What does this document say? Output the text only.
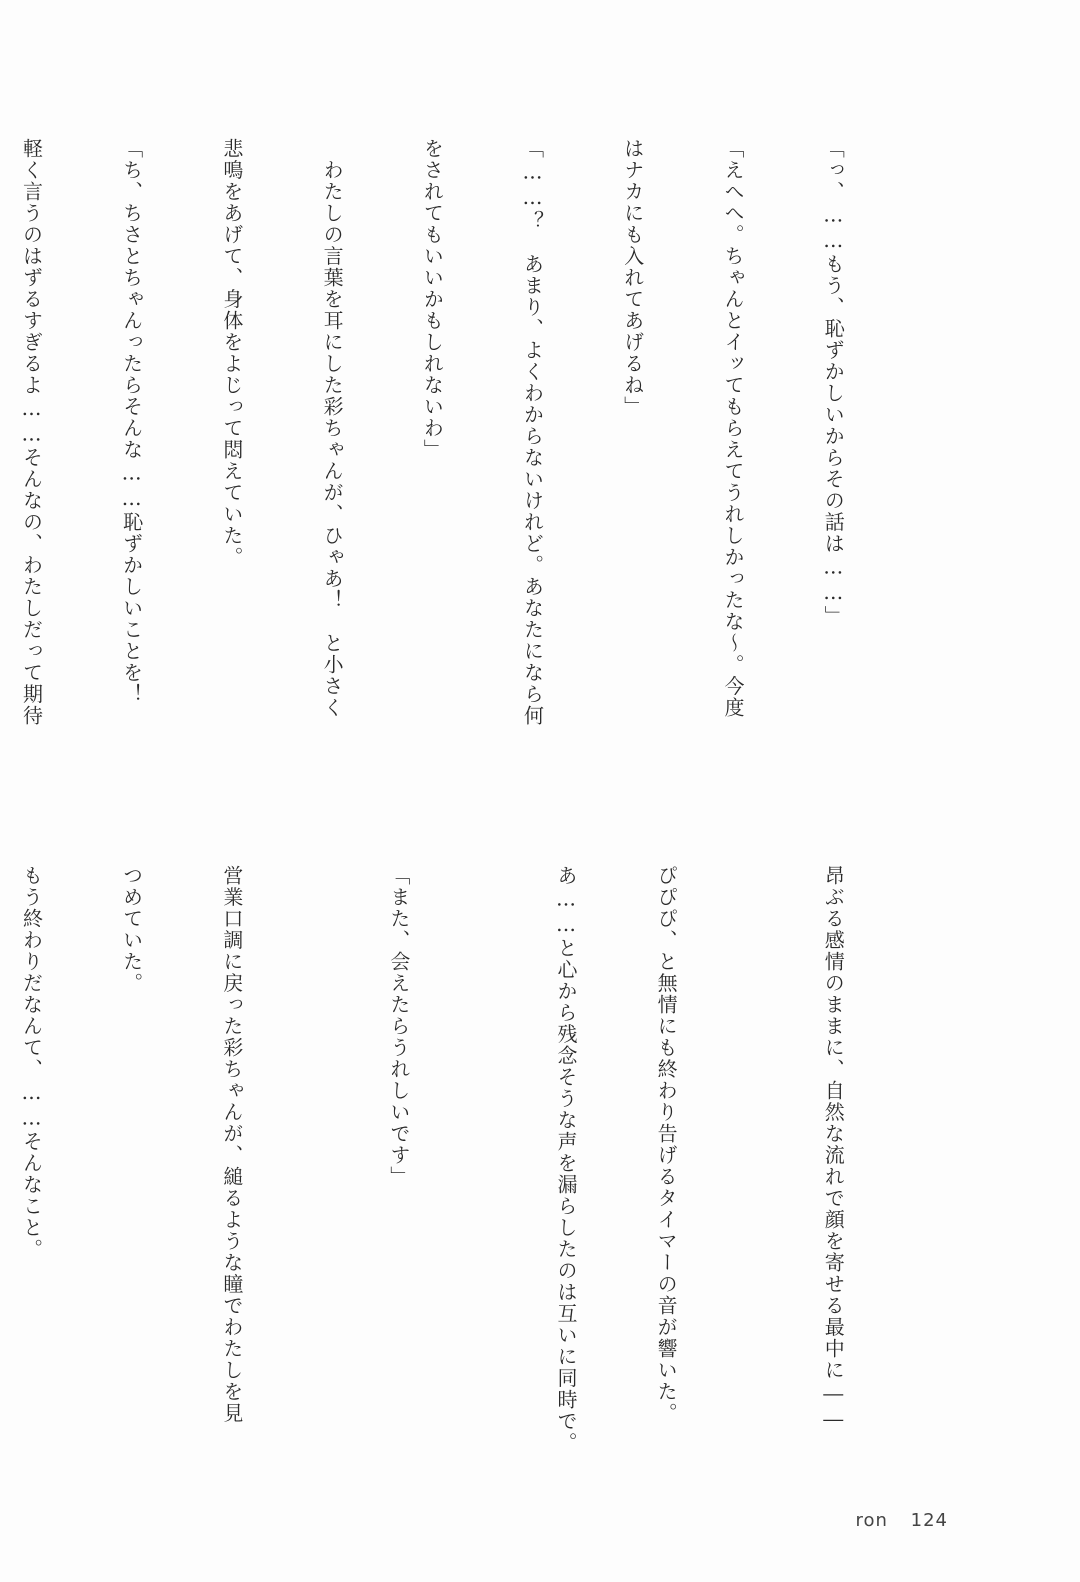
「っ、……もう、恥ずかしいからその話は……」

「えへへ。ちゃんとイッてもらえてうれしかったな〜。今度

はナカにも入れてあげるね」

「……？　あまり、よくわからないけれど。あなたになら何

をされてもいいかもしれないわ」

　わたしの言葉を耳にした彩ちゃんが、ひゃあ！　と小さく

悲鳴をあげて、身体をよじって悶えていた。

「ち、ちさとちゃんったらそんな……恥ずかしいことを！

軽く言うのはずるすぎるよ……そんなの、わたしだって期待

昂ぶる感情のままに、自然な流れで顔を寄せる最中に――

ぴぴぴ、と無情にも終わり告げるタイマーの音が響いた。

あ……と心から残念そうな声を漏らしたのは互いに同時で。

「また、会えたらうれしいです」

営業口調に戻った彩ちゃんが、縋るような瞳でわたしを見

つめていた。

もう終わりだなんて、……そんなこと。

ron 124
